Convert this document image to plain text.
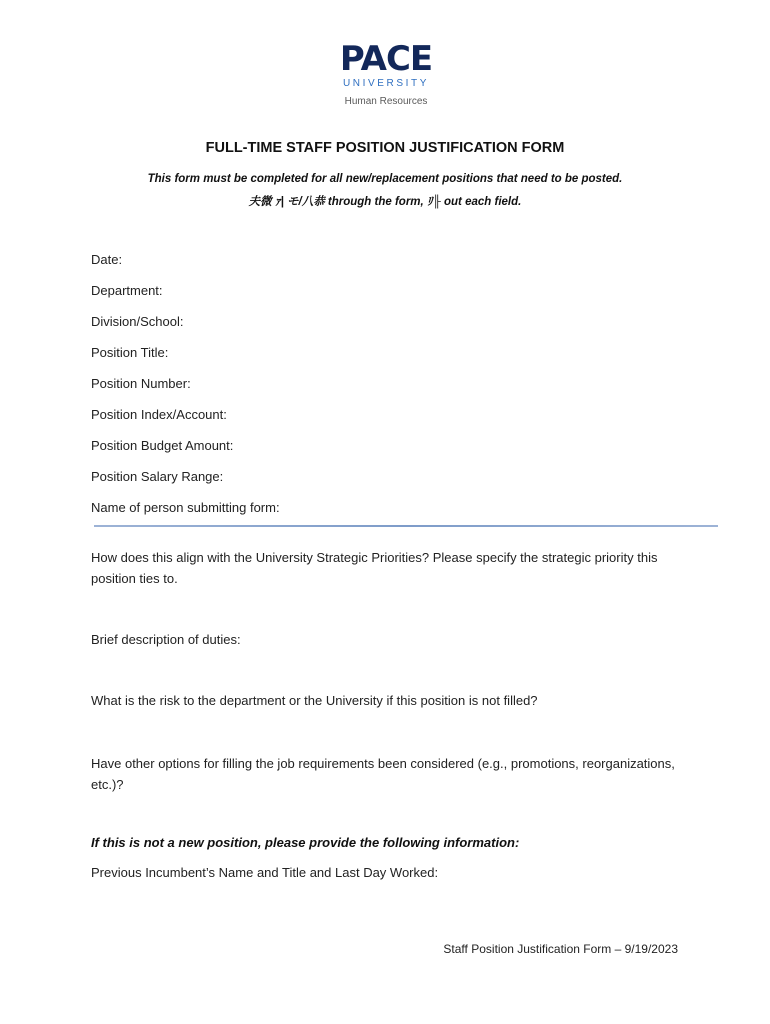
PACE
UNIVERSITY
Human Resources
FULL-TIME STAFF POSITION JUSTIFICATION FORM
This form must be completed for all new/replacement positions that need to be posted.
夫微 ｧ| モ/八恭 through the form, ﾘ╟ out each field.
Date:
Department:
Division/School:
Position Title:
Position Number:
Position Index/Account:
Position Budget Amount:
Position Salary Range:
Name of person submitting form:
How does this align with the University Strategic Priorities? Please specify the strategic priority this position ties to.
Brief description of duties:
What is the risk to the department or the University if this position is not filled?
Have other options for filling the job requirements been considered (e.g., promotions, reorganizations, etc.)?
If this is not a new position, please provide the following information:
Previous Incumbent’s Name and Title and Last Day Worked:
Staff Position Justification Form – 9/19/2023
